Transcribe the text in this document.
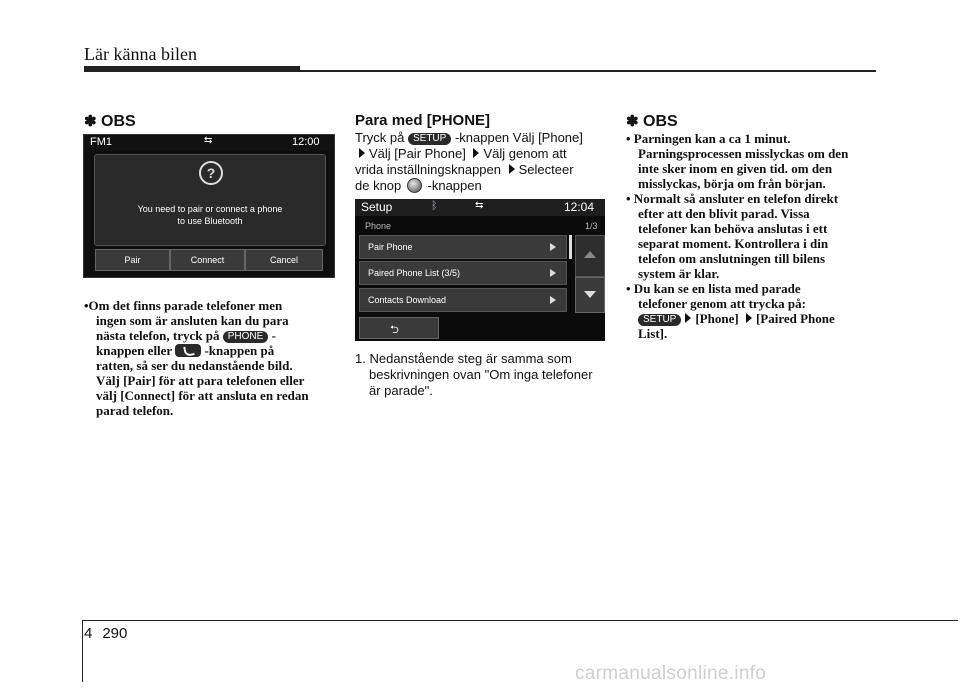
Lär känna bilen
✽ OBS
FM1	⇆	12:00
?
You need to pair or connect a phone
to use Bluetooth
Pair	Connect	Cancel
•Om det finns parade telefoner men
ingen som är ansluten kan du para
nästa telefon, tryck på PHONE -
knappen eller	-knappen på
ratten, så ser du nedanstående bild.
Välj [Pair] för att para telefonen eller
välj [Connect] för att ansluta en redan
parad telefon.
Para med [PHONE]
Tryck på SETUP -knappen Välj [Phone]
Välj [Pair Phone] Välj genom att
vrida inställningsknappen Selecteer
de knop -knappen
Setup	ᛒ	⇆	12:04
Phone	1/3
Pair Phone
Paired Phone List (3/5)
Contacts Download
⮌
1. Nedanstående steg är samma som
beskrivningen ovan "Om inga telefoner
är parade".
✽ OBS
• Parningen kan a ca 1 minut.
Parningsprocessen misslyckas om den
inte sker inom en given tid. om den
misslyckas, börja om från början.
• Normalt så ansluter en telefon direkt
efter att den blivit parad. Vissa
telefoner kan behöva anslutas i ett
separat moment. Kontrollera i din
telefon om anslutningen till bilens
system är klar.
• Du kan se en lista med parade
telefoner genom att trycka på:
SETUP [Phone] [Paired Phone
List].
4 290
carmanualsonline.info
